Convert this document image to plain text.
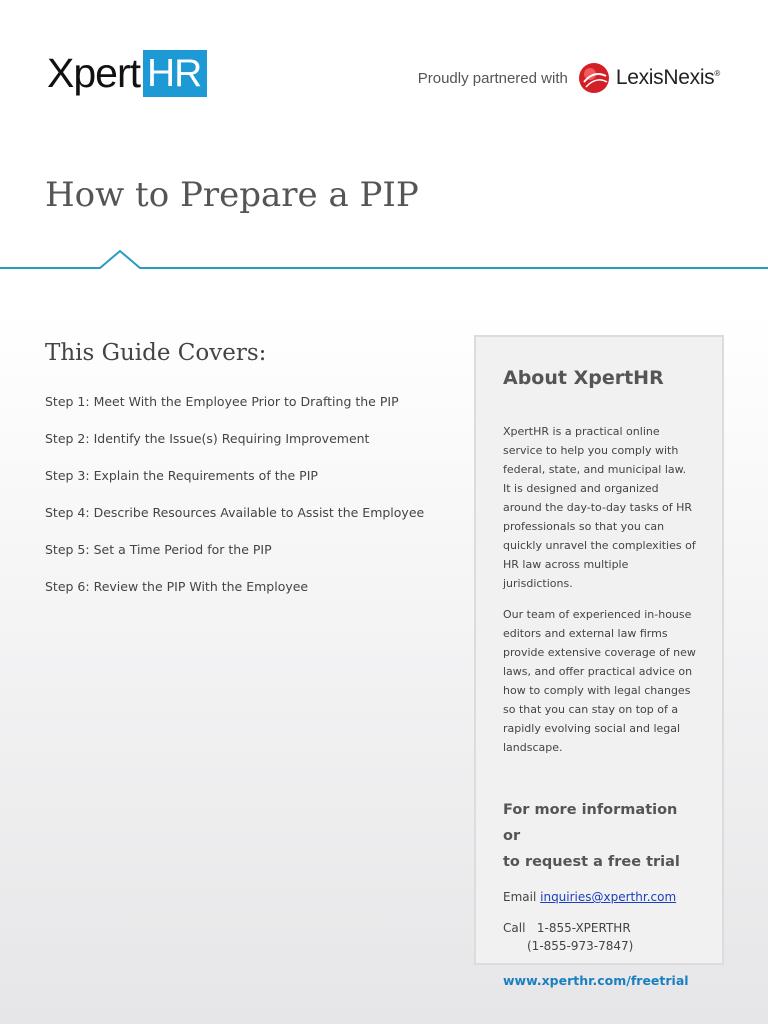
Xpert HR	Proudly partnered with LexisNexis®
How to Prepare a PIP
This Guide Covers:
Step 1: Meet With the Employee Prior to Drafting the PIP
Step 2: Identify the Issue(s) Requiring Improvement
Step 3: Explain the Requirements of the PIP
Step 4: Describe Resources Available to Assist the Employee
Step 5: Set a Time Period for the PIP
Step 6: Review the PIP With the Employee
About XpertHR

XpertHR is a practical online service to help you comply with federal, state, and municipal law. It is designed and organized around the day-to-day tasks of HR professionals so that you can quickly unravel the complexities of HR law across multiple jurisdictions.

Our team of experienced in-house editors and external law firms provide extensive coverage of new laws, and offer practical advice on how to comply with legal changes so that you can stay on top of a rapidly evolving social and legal landscape.

For more information or
to request a free trial
Email inquiries@xperthr.com
Call 1-855-XPERTHR
(1-855-973-7847)
www.xperthr.com/freetrial
